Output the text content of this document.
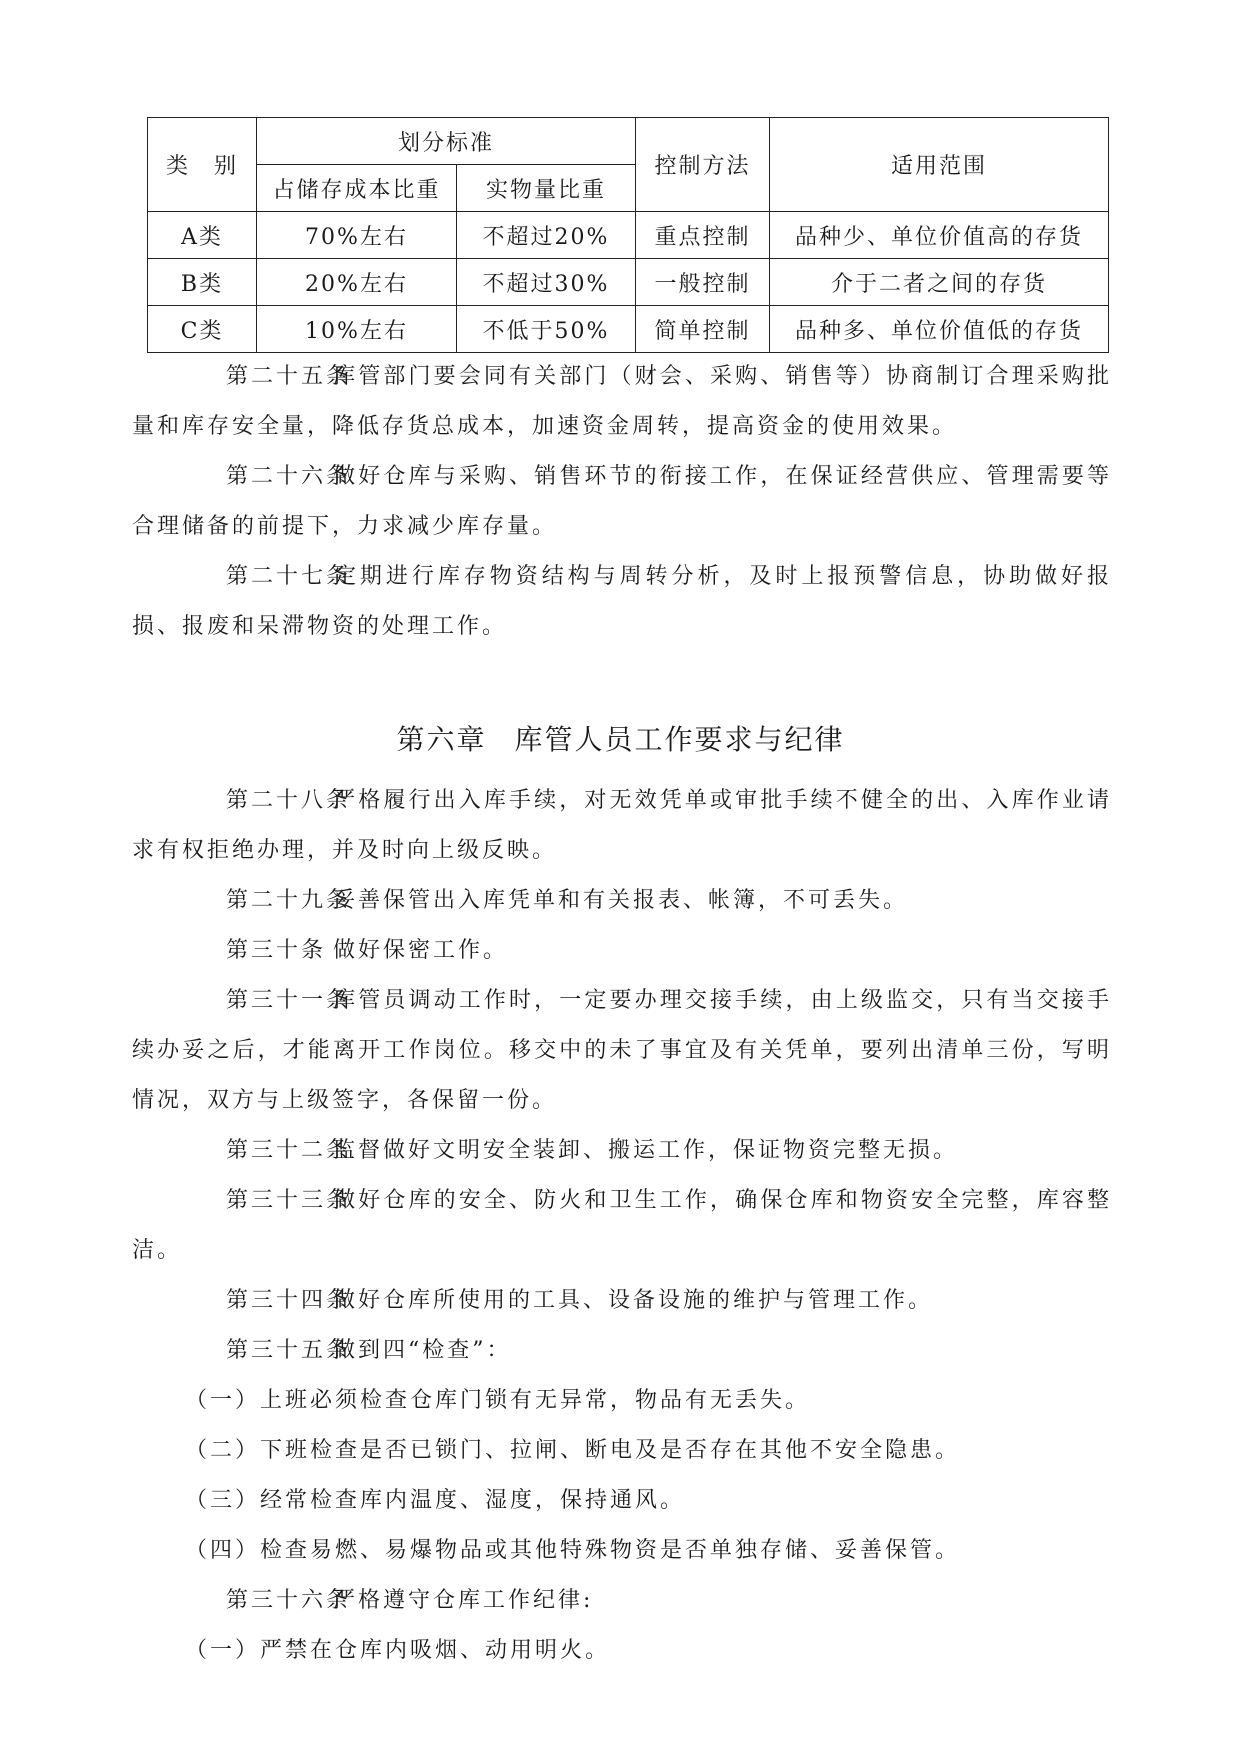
类　别	划分标准		控制方法	适用范围
	占储存成本比重	实物量比重		
A类	70%左右	不超过20%	重点控制	品种少、单位价值高的存货
B类	20%左右	不超过30%	一般控制	介于二者之间的存货
C类	10%左右	不低于50%	简单控制	品种多、单位价值低的存货

第二十五条库管部门要会同有关部门（财会、采购、销售等）协商制订合理采购批量和库存安全量，降低存货总成本，加速资金周转，提高资金的使用效果。

第二十六条做好仓库与采购、销售环节的衔接工作，在保证经营供应、管理需要等合理储备的前提下，力求减少库存量。

第二十七条定期进行库存物资结构与周转分析，及时上报预警信息，协助做好报损、报废和呆滞物资的处理工作。

第六章 库管人员工作要求与纪律

第二十八条严格履行出入库手续，对无效凭单或审批手续不健全的出、入库作业请求有权拒绝办理，并及时向上级反映。

第二十九条妥善保管出入库凭单和有关报表、帐簿，不可丢失。

第三十条 做好保密工作。

第三十一条库管员调动工作时，一定要办理交接手续，由上级监交，只有当交接手续办妥之后，才能离开工作岗位。移交中的未了事宜及有关凭单，要列出清单三份，写明情况，双方与上级签字，各保留一份。

第三十二条监督做好文明安全装卸、搬运工作，保证物资完整无损。

第三十三条做好仓库的安全、防火和卫生工作，确保仓库和物资安全完整，库容整洁。

第三十四条做好仓库所使用的工具、设备设施的维护与管理工作。

第三十五条做到四“检查”：

（一）上班必须检查仓库门锁有无异常，物品有无丢失。
（二）下班检查是否已锁门、拉闸、断电及是否存在其他不安全隐患。
（三）经常检查库内温度、湿度，保持通风。
（四）检查易燃、易爆物品或其他特殊物资是否单独存储、妥善保管。

第三十六条严格遵守仓库工作纪律:

（一）严禁在仓库内吸烟、动用明火。
